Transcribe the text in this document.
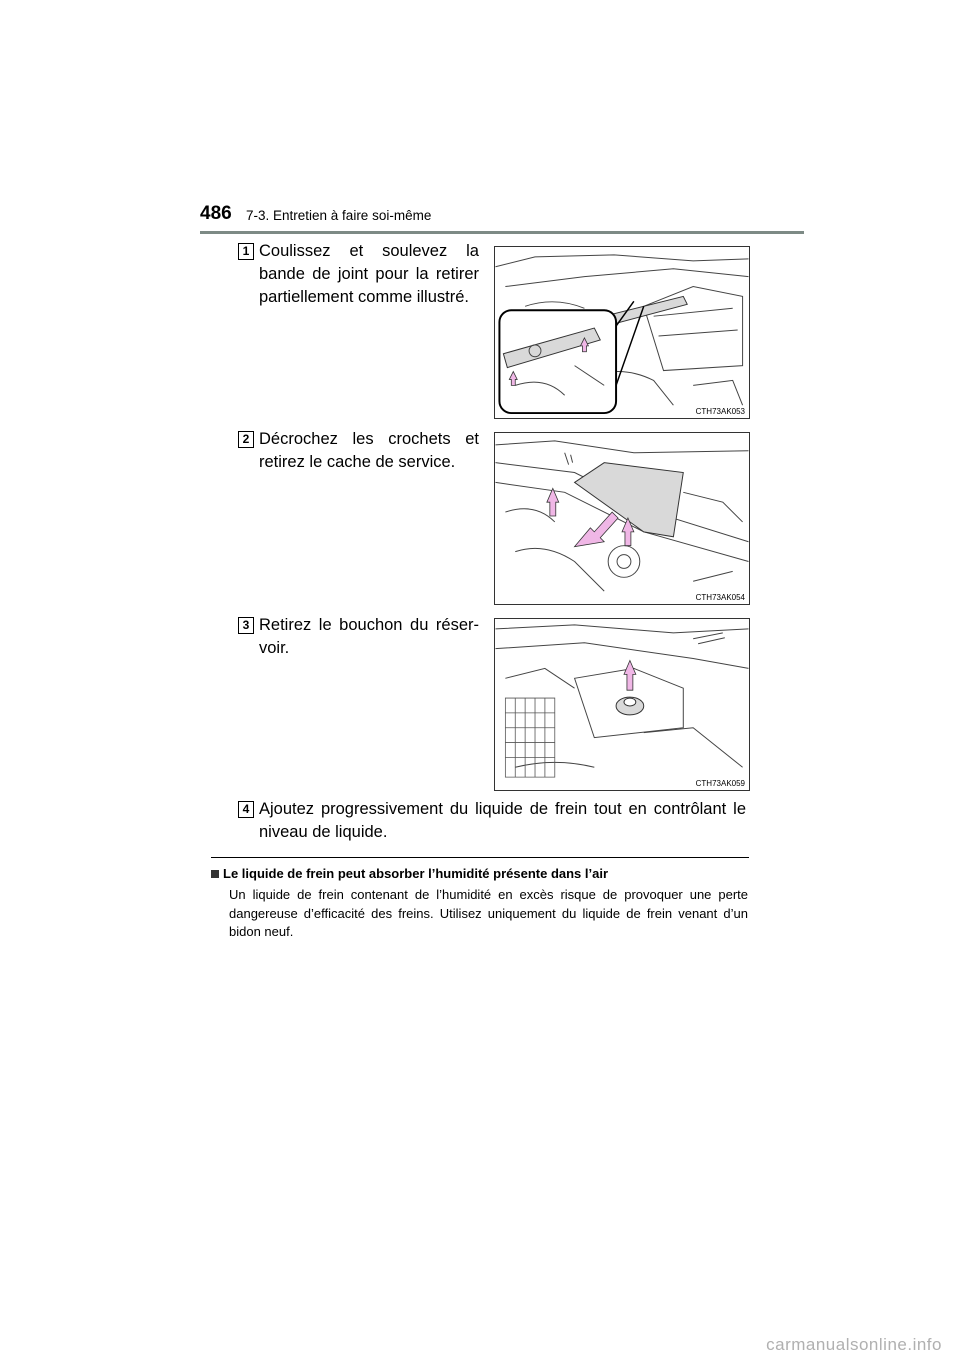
486 7-3. Entretien à faire soi-même
1 Coulissez et soulevez la bande de joint pour la retirer partiellement comme illustré.
CTH73AK053
2 Décrochez les crochets et retirez le cache de service.
CTH73AK054
3 Retirez le bouchon du réser-voir.
CTH73AK059
4 Ajoutez progressivement du liquide de frein tout en contrôlant le niveau de liquide.
Le liquide de frein peut absorber l’humidité présente dans l’air
Un liquide de frein contenant de l’humidité en excès risque de provoquer une perte dangereuse d’efficacité des freins. Utilisez uniquement du liquide de frein venant d’un bidon neuf.
carmanualsonline.info
